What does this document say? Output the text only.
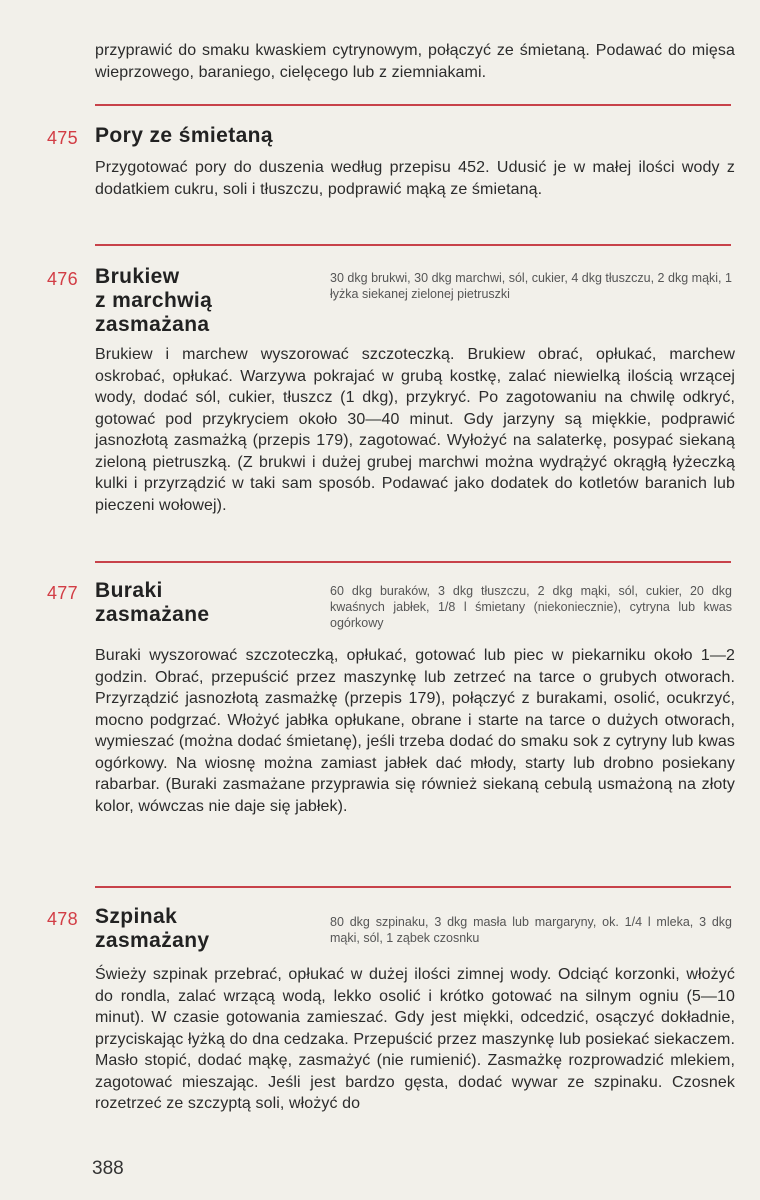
przyprawić do smaku kwaskiem cytrynowym, połączyć ze śmietaną. Podawać do mięsa wieprzowego, baraniego, cielęcego lub z ziemniakami.
475 Pory ze śmietaną
Przygotować pory do duszenia według przepisu 452. Udusić je w małej ilości wody z dodatkiem cukru, soli i tłuszczu, podprawić mąką ze śmietaną.
476 Brukiew
z marchwią
zasmażana
30 dkg brukwi, 30 dkg marchwi, sól, cukier, 4 dkg tłuszczu, 2 dkg mąki, 1 łyżka siekanej zielonej pietruszki
Brukiew i marchew wyszorować szczoteczką. Brukiew obrać, opłukać, marchew oskrobać, opłukać. Warzywa pokrajać w grubą kostkę, zalać niewielką ilością wrzącej wody, dodać sól, cukier, tłuszcz (1 dkg), przykryć. Po zagotowaniu na chwilę odkryć, gotować pod przykryciem około 30—40 minut. Gdy jarzyny są miękkie, podprawić jasnozłotą zasmażką (przepis 179), zagotować. Wyłożyć na salaterkę, posypać siekaną zieloną pietruszką. (Z brukwi i dużej grubej marchwi można wydrążyć okrągłą łyżeczką kulki i przyrządzić w taki sam sposób. Podawać jako dodatek do kotletów baranich lub pieczeni wołowej).
477 Buraki
zasmażane
60 dkg buraków, 3 dkg tłuszczu, 2 dkg mąki, sól, cukier, 20 dkg kwaśnych jabłek, 1/8 l śmietany (niekoniecznie), cytryna lub kwas ogórkowy
Buraki wyszorować szczoteczką, opłukać, gotować lub piec w piekarniku około 1—2 godzin. Obrać, przepuścić przez maszynkę lub zetrzeć na tarce o grubych otworach. Przyrządzić jasnozłotą zasmażkę (przepis 179), połączyć z burakami, osolić, ocukrzyć, mocno podgrzać. Włożyć jabłka opłukane, obrane i starte na tarce o dużych otworach, wymieszać (można dodać śmietanę), jeśli trzeba dodać do smaku sok z cytryny lub kwas ogórkowy. Na wiosnę można zamiast jabłek dać młody, starty lub drobno posiekany rabarbar. (Buraki zasmażane przyprawia się również siekaną cebulą usmażoną na złoty kolor, wówczas nie daje się jabłek).
478 Szpinak
zasmażany
80 dkg szpinaku, 3 dkg masła lub margaryny, ok. 1/4 l mleka, 3 dkg mąki, sól, 1 ząbek czosnku
Świeży szpinak przebrać, opłukać w dużej ilości zimnej wody. Odciąć korzonki, włożyć do rondla, zalać wrzącą wodą, lekko osolić i krótko gotować na silnym ogniu (5—10 minut). W czasie gotowania zamieszać. Gdy jest miękki, odcedzić, osączyć dokładnie, przyciskając łyżką do dna cedzaka. Przepuścić przez maszynkę lub posiekać siekaczem. Masło stopić, dodać mąkę, zasmażyć (nie rumienić). Zasmażkę rozprowadzić mlekiem, zagotować mieszając. Jeśli jest bardzo gęsta, dodać wywar ze szpinaku. Czosnek rozetrzeć ze szczyptą soli, włożyć do
388
